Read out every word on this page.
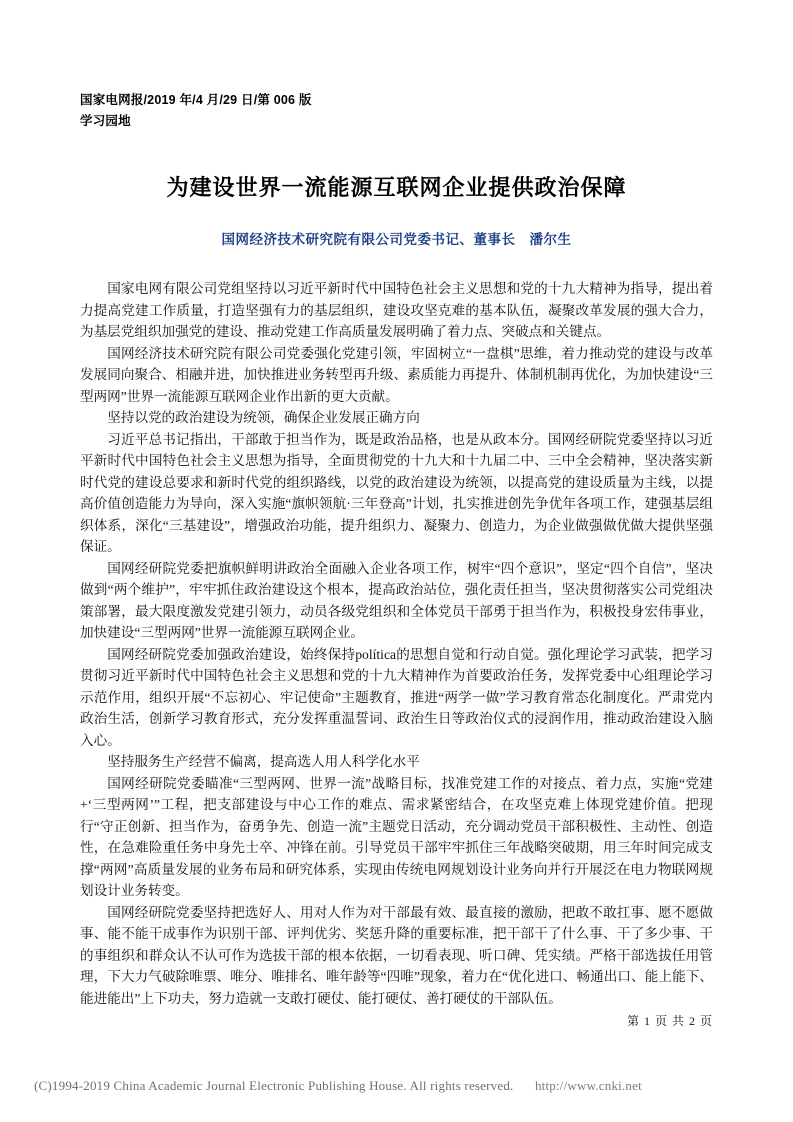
国家电网报/2019 年/4 月/29 日/第 006 版
学习园地
为建设世界一流能源互联网企业提供政治保障
国网经济技术研究院有限公司党委书记、董事长　潘尔生

国家电网有限公司党组坚持以习近平新时代中国特色社会主义思想和党的十九大精神为指导，提出着力提高党建工作质量，打造坚强有力的基层组织，建设攻坚克难的基本队伍，凝聚改革发展的强大合力，为基层党组织加强党的建设、推动党建工作高质量发展明确了着力点、突破点和关键点。

国网经济技术研究院有限公司党委强化党建引领，牢固树立“一盘棋”思维，着力推动党的建设与改革发展同向聚合、相融并进，加快推进业务转型再升级、素质能力再提升、体制机制再优化，为加快建设“三型两网”世界一流能源互联网企业作出新的更大贡献。

坚持以党的政治建设为统领，确保企业发展正确方向

习近平总书记指出，干部敢于担当作为，既是政治品格，也是从政本分。国网经研院党委坚持以习近平新时代中国特色社会主义思想为指导，全面贯彻党的十九大和十九届二中、三中全会精神，坚决落实新时代党的建设总要求和新时代党的组织路线，以党的政治建设为统领，以提高党的建设质量为主线，以提高价值创造能力为导向，深入实施“旗帜领航·三年登高”计划，扎实推进创先争优年各项工作，建强基层组织体系，深化“三基建设”，增强政治功能，提升组织力、凝聚力、创造力，为企业做强做优做大提供坚强保证。

国网经研院党委把旗帜鲜明讲政治全面融入企业各项工作，树牢“四个意识”，坚定“四个自信”，坚决做到“两个维护”，牢牢抓住政治建设这个根本，提高政治站位，强化责任担当，坚决贯彻落实公司党组决策部署，最大限度激发党建引领力，动员各级党组织和全体党员干部勇于担当作为，积极投身宏伟事业，加快建设“三型两网”世界一流能源互联网企业。

国网经研院党委加强政治建设，始终保持política的思想自觉和行动自觉。强化理论学习武装，把学习贯彻习近平新时代中国特色社会主义思想和党的十九大精神作为首要政治任务，发挥党委中心组理论学习示范作用，组织开展“不忘初心、牢记使命”主题教育，推进“两学一做”学习教育常态化制度化。严肃党内政治生活，创新学习教育形式，充分发挥重温誓词、政治生日等政治仪式的浸润作用，推动政治建设入脑入心。

坚持服务生产经营不偏离，提高选人用人科学化水平

国网经研院党委瞄准“三型两网、世界一流”战略目标，找准党建工作的对接点、着力点，实施“党建+‘三型两网’”工程，把支部建设与中心工作的难点、需求紧密结合，在攻坚克难上体现党建价值。把现行“守正创新、担当作为，奋勇争先、创造一流”主题党日活动，充分调动党员干部积极性、主动性、创造性，在急难险重任务中身先士卒、冲锋在前。引导党员干部牢牢抓住三年战略突破期，用三年时间完成支撑“两网”高质量发展的业务布局和研究体系，实现由传统电网规划设计业务向并行开展泛在电力物联网规划设计业务转变。

国网经研院党委坚持把选好人、用对人作为对干部最有效、最直接的激励，把敢不敢扛事、愿不愿做事、能不能干成事作为识别干部、评判优劣、奖惩升降的重要标准，把干部干了什么事、干了多少事、干的事组织和群众认不认可作为选拔干部的根本依据，一切看表现、听口碑、凭实绩。严格干部选拔任用管理，下大力气破除唯票、唯分、唯排名、唯年龄等“四唯”现象，着力在“优化进口、畅通出口、能上能下、能进能出”上下功夫，努力造就一支敢打硬仗、能打硬仗、善打硬仗的干部队伍。

第 1 页 共 2 页
(C)1994-2019 China Academic Journal Electronic Publishing House. All rights reserved. http://www.cnki.net
